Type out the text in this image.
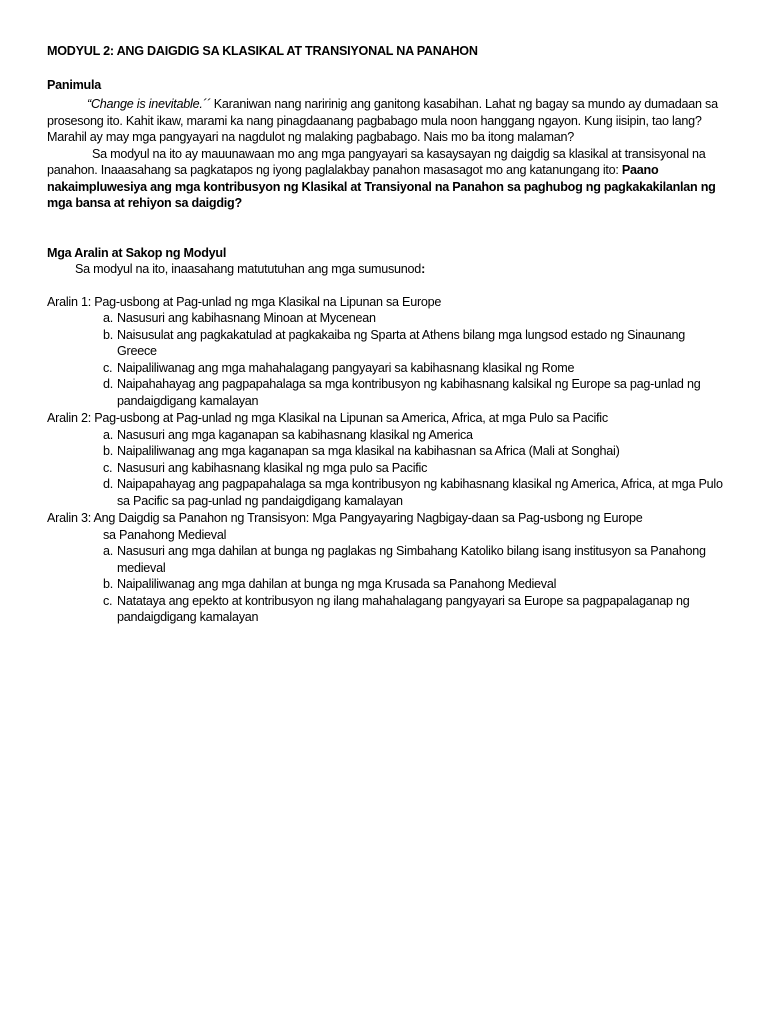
MODYUL 2: ANG DAIGDIG SA KLASIKAL AT TRANSIYONAL NA PANAHON

Panimula

“Change is inevitable.´´ Karaniwan nang naririnig ang ganitong kasabihan. Lahat ng bagay sa mundo ay dumadaan sa prosesong ito. Kahit ikaw, marami ka nang pinagdaanang pagbabago mula noon hanggang ngayon. Kung iisipin, tao lang? Marahil ay may mga pangyayari na nagdulot ng malaking pagbabago. Nais mo ba itong malaman?

Sa modyul na ito ay mauunawaan mo ang mga pangyayari sa kasaysayan ng daigdig sa klasikal at transisyonal na panahon. Inaaasahang sa pagkatapos ng iyong paglalakbay panahon masasagot mo ang katanungang ito: Paano nakaimpluwesiya ang mga kontribusyon ng Klasikal at Transiyonal na Panahon sa paghubog ng pagkakakilanlan ng mga bansa at rehiyon sa daigdig?

Mga Aralin at Sakop ng Modyul

Sa modyul na ito, inaasahang matututuhan ang mga sumusunod:

Aralin 1: Pag-usbong at Pag-unlad ng mga Klasikal na Lipunan sa Europe

a. Nasusuri ang kabihasnang Minoan at Mycenean
b. Naisusulat ang pagkakatulad at pagkakaiba ng Sparta at Athens bilang mga lungsod estado ng Sinaunang Greece
c. Naipaliliwanag ang mga mahahalagang pangyayari sa kabihasnang klasikal ng Rome
d. Naipahahayag ang pagpapahalaga sa mga kontribusyon ng kabihasnang kalsikal ng Europe sa pag-unlad ng pandaigdigang kamalayan

Aralin 2: Pag-usbong at Pag-unlad ng mga Klasikal na Lipunan sa America, Africa, at mga Pulo sa Pacific

a. Nasusuri ang mga kaganapan sa kabihasnang klasikal ng America
b. Naipaliliwanag ang mga kaganapan sa mga klasikal na kabihasnan sa Africa (Mali at Songhai)
c. Nasusuri ang kabihasnang klasikal ng mga pulo sa Pacific
d. Naipapahayag ang pagpapahalaga sa mga kontribusyon ng kabihasnang klasikal ng America, Africa, at mga Pulo sa Pacific sa pag-unlad ng pandaigdigang kamalayan

Aralin 3: Ang Daigdig sa Panahon ng Transisyon: Mga Pangyayaring Nagbigay-daan sa Pag-usbong ng Europe

sa Panahong Medieval

a. Nasusuri ang mga dahilan at bunga ng paglakas ng Simbahang Katoliko bilang isang institusyon sa Panahong medieval
b. Naipaliliwanag ang mga dahilan at bunga ng mga Krusada sa Panahong Medieval
c. Natataya ang epekto at kontribusyon ng ilang mahahalagang pangyayari sa Europe sa pagpapalaganap ng pandaigdigang kamalayan
